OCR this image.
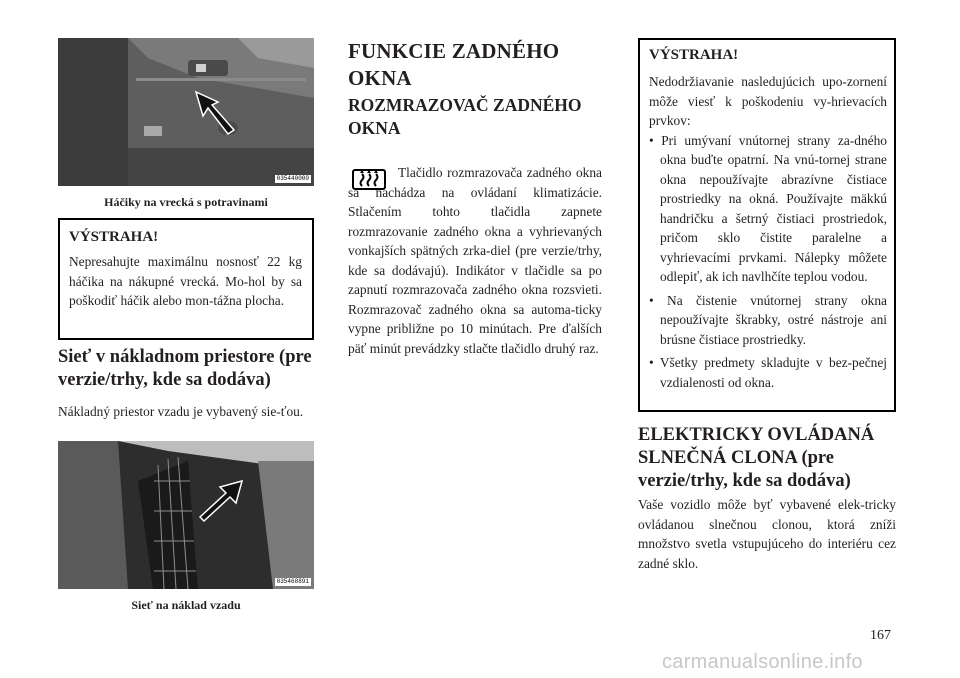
035440000
Háčiky na vrecká s potravinami
VÝSTRAHA!

Nepresahujte maximálnu nosnosť 22 kg háčika na nákupné vrecká. Mo-hol by sa poškodiť háčik alebo mon-tážna plocha.

Sieť v nákladnom priestore (pre verzie/trhy, kde sa dodáva)

Nákladný priestor vzadu je vybavený sie-ťou.

035468891
Sieť na náklad vzadu
FUNKCIE ZADNÉHO OKNA
ROZMRAZOVAČ ZADNÉHO OKNA

Tlačidlo rozmrazovača zadného okna sa nachádza na ovládaní klimatizácie. Stlačením tohto tlačidla zapnete rozmrazovanie zadného okna a vyhrievaných vonkajších spätných zrka-diel (pre verzie/trhy, kde sa dodávajú). Indikátor v tlačidle sa po zapnutí rozmrazovača zadného okna rozsvieti. Rozmrazovač zadného okna sa automa-ticky vypne približne po 10 minútach. Pre ďalších päť minút prevádzky stlačte tlačidlo druhý raz.

VÝSTRAHA!

Nedodržiavanie nasledujúcich upo-zornení môže viesť k poškodeniu vy-hrievacích prvkov:

• Pri umývaní vnútornej strany za-dného okna buďte opatrní. Na vnú-tornej strane okna nepoužívajte abrazívne čistiace prostriedky na okná. Používajte mäkkú handričku a šetrný čistiaci prostriedok, pričom sklo čistite paralelne a vyhrievacími prvkami. Nálepky môžete odlepiť, ak ich navlhčíte teplou vodou.
• Na čistenie vnútornej strany okna nepoužívajte škrabky, ostré nástroje ani brúsne čistiace prostriedky.
• Všetky predmety skladujte v bez-pečnej vzdialenosti od okna.
ELEKTRICKY OVLÁDANÁ SLNEČNÁ CLONA (pre verzie/trhy, kde sa dodáva)

Vaše vozidlo môže byť vybavené elek-tricky ovládanou slnečnou clonou, ktorá zníži množstvo svetla vstupujúceho do interiéru cez zadné sklo.

167
carmanualsonline.info
